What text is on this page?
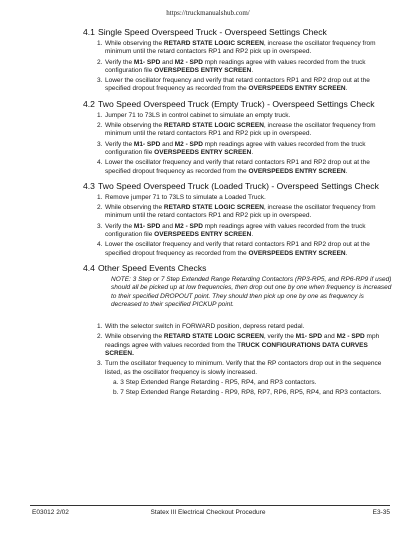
https://truckmanualshub.com/
4.1 Single Speed Overspeed Truck - Overspeed Settings Check
1. While observing the RETARD STATE LOGIC SCREEN, increase the oscillator frequency from minimum until the retard contactors RP1 and RP2 pick up in overspeed.
2. Verify the M1- SPD and M2 - SPD mph readings agree with values recorded from the truck configuration file OVERSPEEDS ENTRY SCREEN.
3. Lower the oscillator frequency and verify that retard contactors RP1 and RP2 drop out at the specified dropout frequency as recorded from the OVERSPEEDS ENTRY SCREEN.
4.2 Two Speed Overspeed Truck (Empty Truck) - Overspeed Settings Check
1. Jumper 71 to 73LS in control cabinet to simulate an empty truck.
2. While observing the RETARD STATE LOGIC SCREEN, increase the oscillator frequency from minimum until the retard contactors RP1 and RP2 pick up in overspeed.
3. Verify the M1- SPD and M2 - SPD mph readings agree with values recorded from the truck configuration file OVERSPEEDS ENTRY SCREEN.
4. Lower the oscillator frequency and verify that retard contactors RP1 and RP2 drop out at the specified dropout frequency as recorded from the OVERSPEEDS ENTRY SCREEN.
4.3 Two Speed Overspeed Truck (Loaded Truck) - Overspeed Settings Check
1. Remove jumper 71 to 73LS to simulate a Loaded Truck.
2. While observing the RETARD STATE LOGIC SCREEN, increase the oscillator frequency from minimum until the retard contactors RP1 and RP2 pick up in overspeed.
3. Verify the M1- SPD and M2 - SPD mph readings agree with values recorded from the truck configuration file OVERSPEEDS ENTRY SCREEN.
4. Lower the oscillator frequency and verify that retard contactors RP1 and RP2 drop out at the specified dropout frequency as recorded from the OVERSPEEDS ENTRY SCREEN.
4.4 Other Speed Events Checks
NOTE: 3 Step or 7 Step Extended Range Retarding Contactors (RP3-RP5, and RP6-RP9 if used) should all be picked up at low frequencies, then drop out one by one when frequency is increased to their specified DROPOUT point. They should then pick up one by one as frequency is decreased to their specified PICKUP point.
1. With the selector switch in FORWARD position, depress retard pedal.
2. While observing the RETARD STATE LOGIC SCREEN, verify the M1- SPD and M2 - SPD mph readings agree with values recorded from the TRUCK CONFIGURATIONS DATA CURVES SCREEN.
3. Turn the oscillator frequency to minimum. Verify that the RP contactors drop out in the sequence listed, as the oscillator frequency is slowly increased.
a. 3 Step Extended Range Retarding - RP5, RP4, and RP3 contactors.
b. 7 Step Extended Range Retarding - RP9, RP8, RP7, RP6, RP5, RP4, and RP3 contactors.
E03012 2/02	Statex III Electrical Checkout Procedure	E3-35
